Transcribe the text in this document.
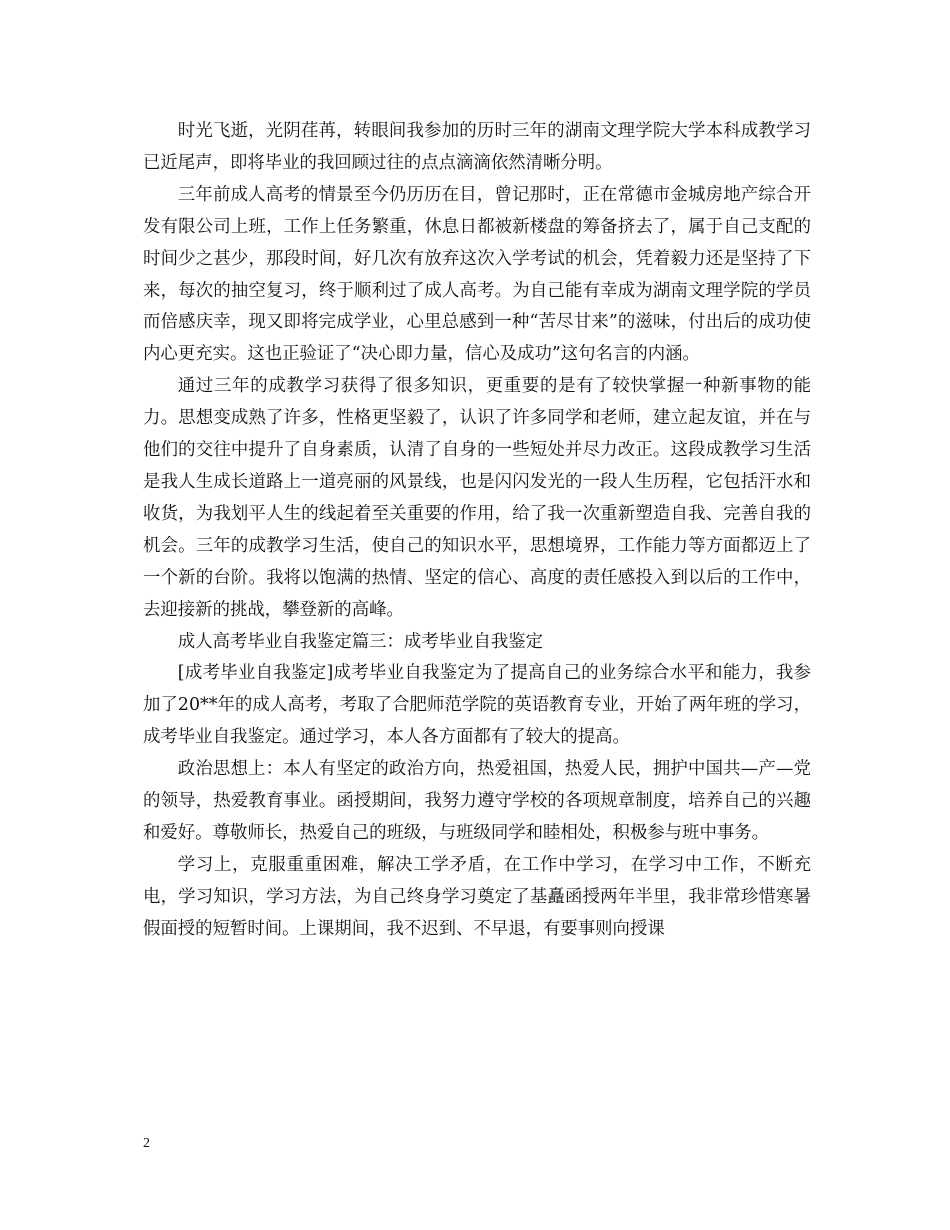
时光飞逝，光阴荏苒，转眼间我参加的历时三年的湖南文理学院大学本科成教学习已近尾声，即将毕业的我回顾过往的点点滴滴依然清晰分明。

三年前成人高考的情景至今仍历历在目，曾记那时，正在常德市金城房地产综合开发有限公司上班，工作上任务繁重，休息日都被新楼盘的筹备挤去了，属于自己支配的时间少之甚少，那段时间，好几次有放弃这次入学考试的机会，凭着毅力还是坚持了下来，每次的抽空复习，终于顺利过了成人高考。为自己能有幸成为湖南文理学院的学员而倍感庆幸，现又即将完成学业，心里总感到一种“苦尽甘来”的滋味，付出后的成功使内心更充实。这也正验证了“决心即力量，信心及成功”这句名言的内涵。

通过三年的成教学习获得了很多知识，更重要的是有了较快掌握一种新事物的能力。思想变成熟了许多，性格更坚毅了，认识了许多同学和老师，建立起友谊，并在与他们的交往中提升了自身素质，认清了自身的一些短处并尽力改正。这段成教学习生活是我人生成长道路上一道亮丽的风景线，也是闪闪发光的一段人生历程，它包括汗水和收货，为我划平人生的线起着至关重要的作用，给了我一次重新塑造自我、完善自我的机会。三年的成教学习生活，使自己的知识水平，思想境界，工作能力等方面都迈上了一个新的台阶。我将以饱满的热情、坚定的信心、高度的责任感投入到以后的工作中，去迎接新的挑战，攀登新的高峰。

成人高考毕业自我鉴定篇三：成考毕业自我鉴定

[成考毕业自我鉴定]成考毕业自我鉴定为了提高自己的业务综合水平和能力，我参加了20**年的成人高考，考取了合肥师范学院的英语教育专业，开始了两年班的学习，成考毕业自我鉴定。通过学习，本人各方面都有了较大的提高。

政治思想上：本人有坚定的政治方向，热爱祖国，热爱人民，拥护中国共—产—党的领导，热爱教育事业。函授期间，我努力遵守学校的各项规章制度，培养自己的兴趣和爱好。尊敬师长，热爱自己的班级，与班级同学和睦相处，积极参与班中事务。

学习上，克服重重困难，解决工学矛盾，在工作中学习，在学习中工作，不断充电，学习知识，学习方法，为自己终身学习奠定了基矗函授两年半里，我非常珍惜寒暑假面授的短暂时间。上课期间，我不迟到、不早退，有要事则向授课

2
